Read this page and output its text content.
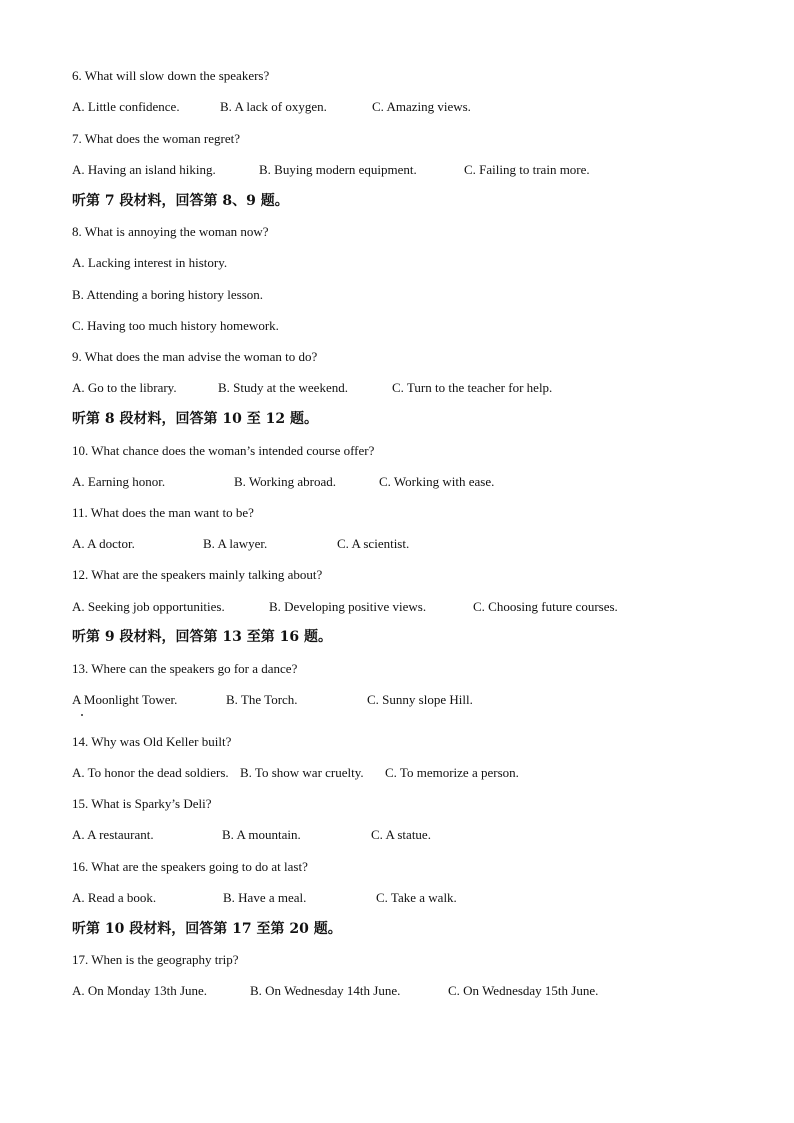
6. What will slow down the speakers?
A. Little confidence.	B. A lack of oxygen.	C. Amazing views.
7. What does the woman regret?
A. Having an island hiking.	B. Buying modern equipment.	C. Failing to train more.
听第 7 段材料，回答第 8、9 题。
8. What is annoying the woman now?
A. Lacking interest in history.
B. Attending a boring history lesson.
C. Having too much history homework.
9. What does the man advise the woman to do?
A. Go to the library.	B. Study at the weekend.	C. Turn to the teacher for help.
听第 8 段材料，回答第 10 至 12 题。
10. What chance does the woman’s intended course offer?
A. Earning honor.	B. Working abroad.	C. Working with ease.
11. What does the man want to be?
A. A doctor.	B. A lawyer.	C. A scientist.
12. What are the speakers mainly talking about?
A. Seeking job opportunities.	B. Developing positive views.	C. Choosing future courses.
听第 9 段材料，回答第 13 至第 16 题。
13. Where can the speakers go for a dance?
A Moonlight Tower.	B. The Torch.	C. Sunny slope Hill.
14. Why was Old Keller built?
A. To honor the dead soldiers. B. To show war cruelty. C. To memorize a person.
15. What is Sparky’s Deli?
A. A restaurant.	B. A mountain.	C. A statue.
16. What are the speakers going to do at last?
A. Read a book.	B. Have a meal.	C. Take a walk.
听第 10 段材料，回答第 17 至第 20 题。
17. When is the geography trip?
A. On Monday 13th June.	B. On Wednesday 14th June.	C. On Wednesday 15th June.
